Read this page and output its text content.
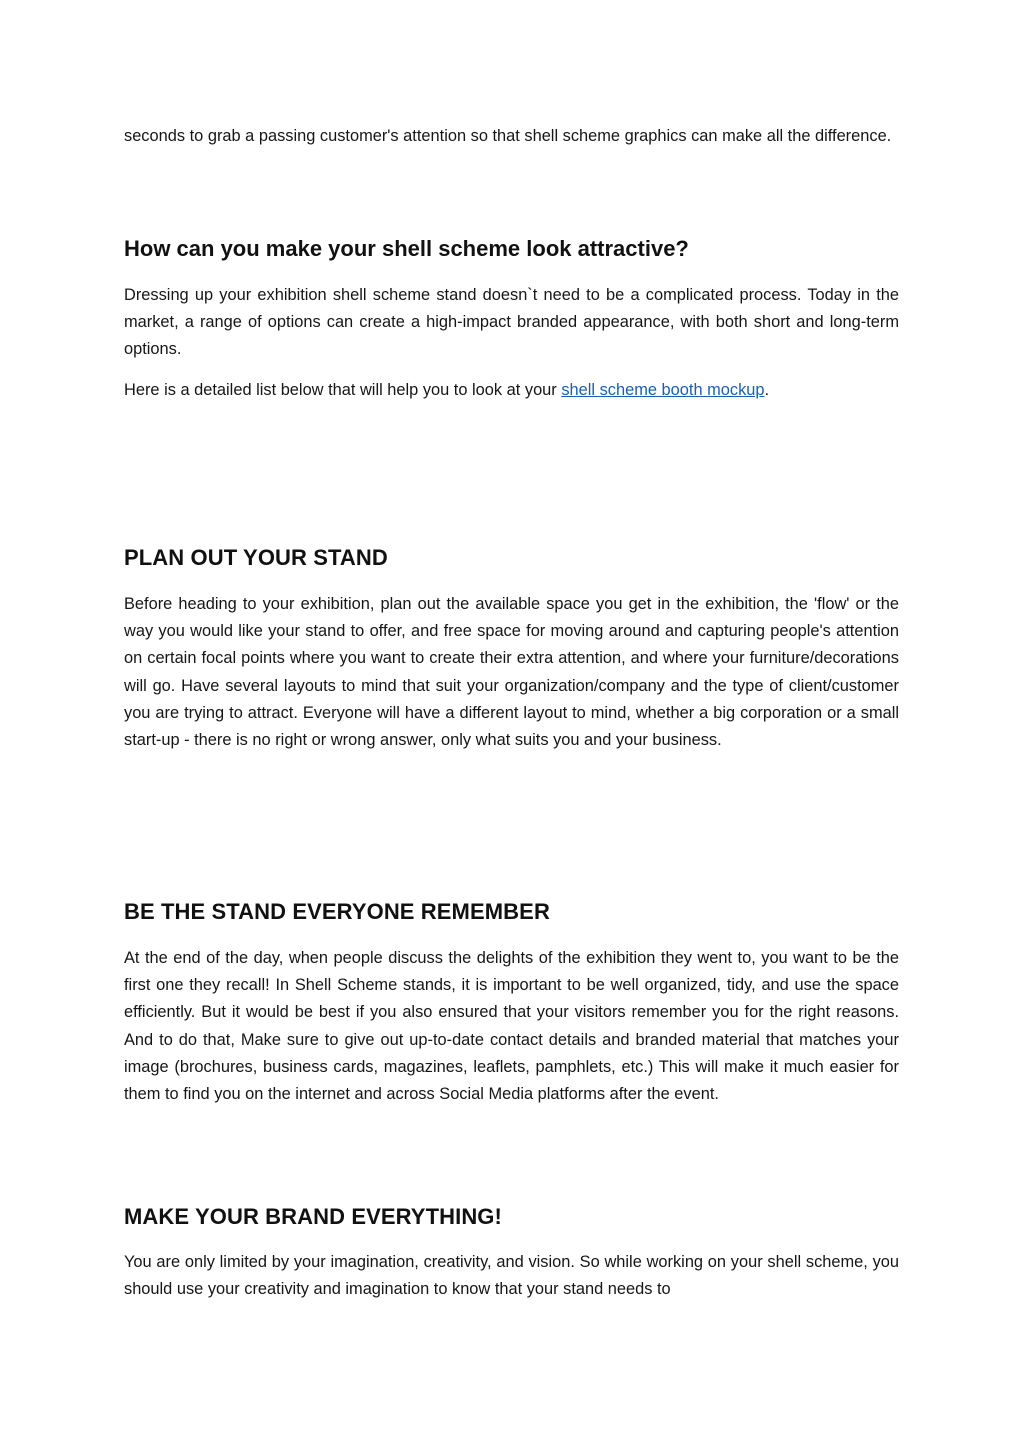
seconds to grab a passing customer's attention so that shell scheme graphics can make all the difference.

How can you make your shell scheme look attractive?

Dressing up your exhibition shell scheme stand doesn`t need to be a complicated process. Today in the market, a range of options can create a high-impact branded appearance, with both short and long-term options.

Here is a detailed list below that will help you to look at your shell scheme booth mockup.

PLAN OUT YOUR STAND

Before heading to your exhibition, plan out the available space you get in the exhibition, the 'flow' or the way you would like your stand to offer, and free space for moving around and capturing people's attention on certain focal points where you want to create their extra attention, and where your furniture/decorations will go. Have several layouts to mind that suit your organization/company and the type of client/customer you are trying to attract. Everyone will have a different layout to mind, whether a big corporation or a small start-up - there is no right or wrong answer, only what suits you and your business.

BE THE STAND EVERYONE REMEMBER

At the end of the day, when people discuss the delights of the exhibition they went to, you want to be the first one they recall! In Shell Scheme stands, it is important to be well organized, tidy, and use the space efficiently. But it would be best if you also ensured that your visitors remember you for the right reasons. And to do that, Make sure to give out up-to-date contact details and branded material that matches your image (brochures, business cards, magazines, leaflets, pamphlets, etc.) This will make it much easier for them to find you on the internet and across Social Media platforms after the event.

MAKE YOUR BRAND EVERYTHING!

You are only limited by your imagination, creativity, and vision. So while working on your shell scheme, you should use your creativity and imagination to know that your stand needs to
